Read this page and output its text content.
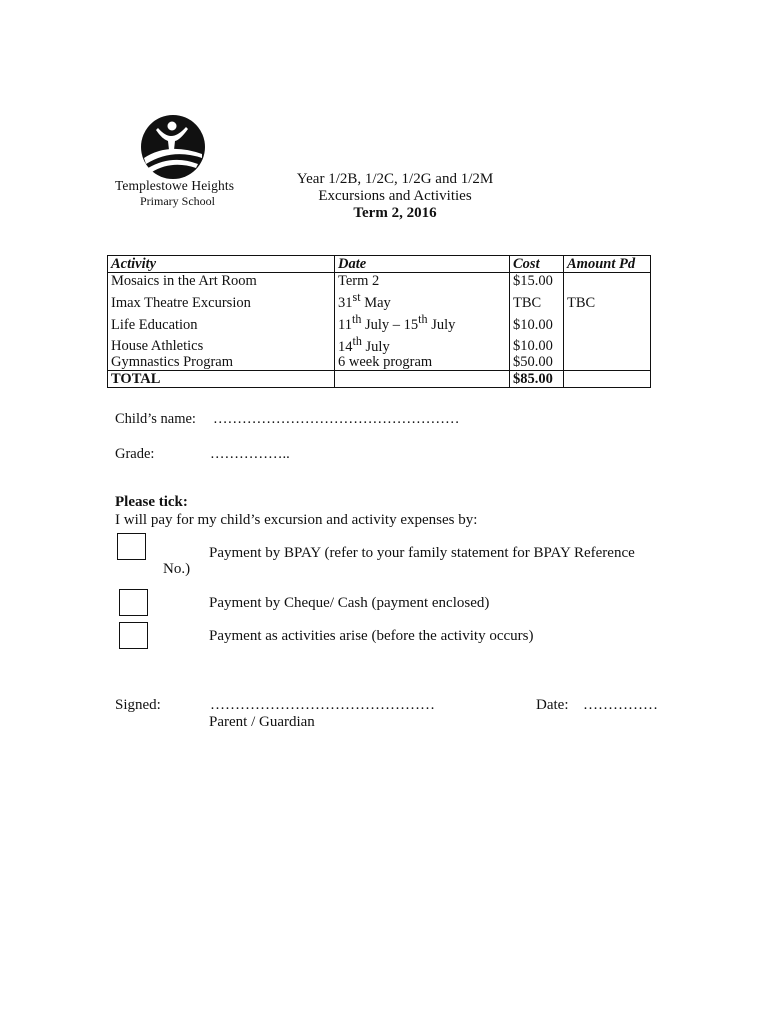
Templestowe Heights
Primary School
Year 1/2B, 1/2C, 1/2G and 1/2M
Excursions and Activities
Term 2, 2016
Activity	Date	Cost	Amount Pd
Mosaics in the Art Room	Term 2	$15.00	
Imax Theatre Excursion	31st May	TBC	TBC
Life Education	11th July – 15th July	$10.00	
House Athletics	14th July	$10.00	
Gymnastics Program	6 week program	$50.00	
TOTAL		$85.00	
Child’s name: ……………………………………………
Grade:	……………..
Please tick:
I will pay for my child’s excursion and activity expenses by:
Payment by BPAY (refer to your family statement for BPAY Reference
No.)
Payment by Cheque/ Cash (payment enclosed)
Payment as activities arise (before the activity occurs)
Signed:	………………………………………
Parent / Guardian
Date: ……………
